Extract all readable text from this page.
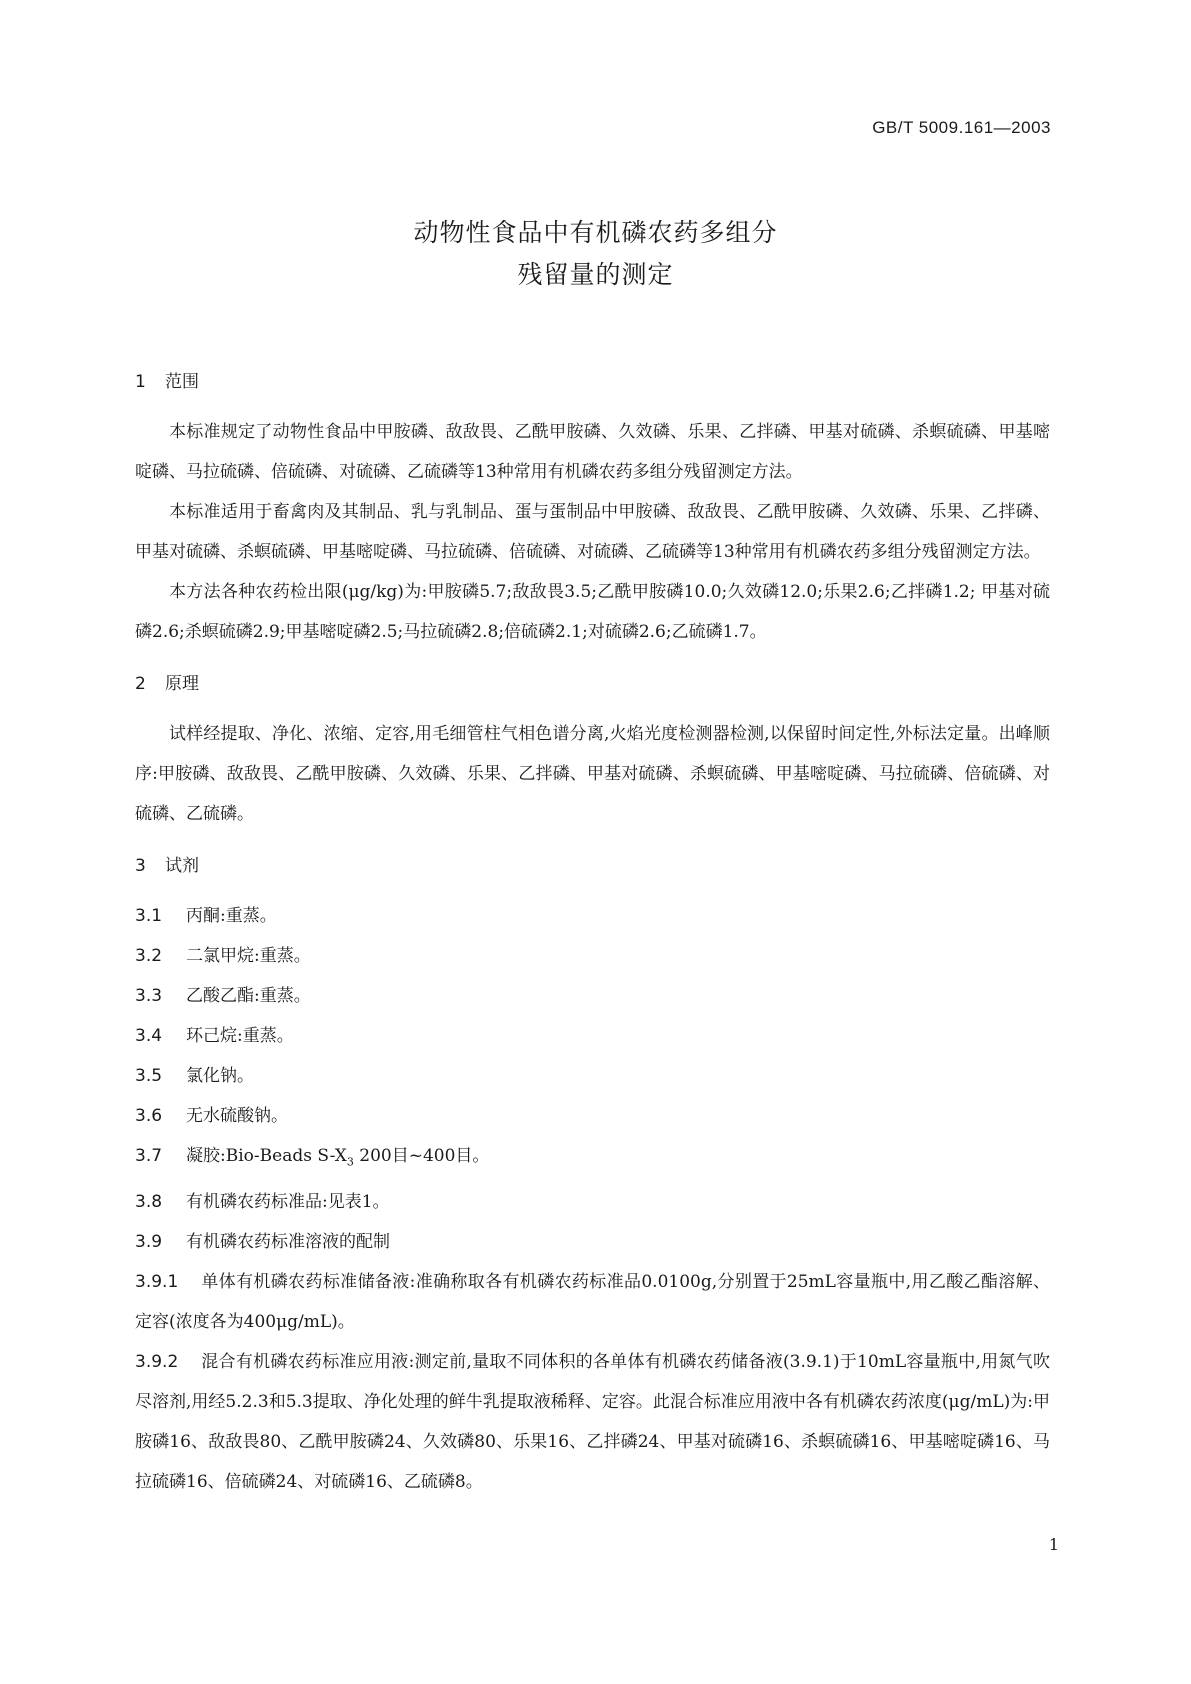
GB/T 5009.161—2003
动物性食品中有机磷农药多组分
残留量的测定

1 范围

本标准规定了动物性食品中甲胺磷、敌敌畏、乙酰甲胺磷、久效磷、乐果、乙拌磷、甲基对硫磷、杀螟硫磷、甲基嘧啶磷、马拉硫磷、倍硫磷、对硫磷、乙硫磷等13种常用有机磷农药多组分残留测定方法。

本标准适用于畜禽肉及其制品、乳与乳制品、蛋与蛋制品中甲胺磷、敌敌畏、乙酰甲胺磷、久效磷、乐果、乙拌磷、甲基对硫磷、杀螟硫磷、甲基嘧啶磷、马拉硫磷、倍硫磷、对硫磷、乙硫磷等13种常用有机磷农药多组分残留测定方法。

本方法各种农药检出限(μg/kg)为:甲胺磷5.7;敌敌畏3.5;乙酰甲胺磷10.0;久效磷12.0;乐果2.6;乙拌磷1.2; 甲基对硫磷2.6;杀螟硫磷2.9;甲基嘧啶磷2.5;马拉硫磷2.8;倍硫磷2.1;对硫磷2.6;乙硫磷1.7。

2 原理

试样经提取、净化、浓缩、定容,用毛细管柱气相色谱分离,火焰光度检测器检测,以保留时间定性,外标法定量。出峰顺序:甲胺磷、敌敌畏、乙酰甲胺磷、久效磷、乐果、乙拌磷、甲基对硫磷、杀螟硫磷、甲基嘧啶磷、马拉硫磷、倍硫磷、对硫磷、乙硫磷。

3 试剂

3.1 丙酮:重蒸。

3.2 二氯甲烷:重蒸。

3.3 乙酸乙酯:重蒸。

3.4 环己烷:重蒸。

3.5 氯化钠。

3.6 无水硫酸钠。

3.7 凝胶:Bio-Beads $S-X_3$ 200目~400目。

3.8 有机磷农药标准品:见表1。

3.9 有机磷农药标准溶液的配制

3.9.1 单体有机磷农药标准储备液:准确称取各有机磷农药标准品0.0100g,分别置于25mL容量瓶中,用乙酸乙酯溶解、定容(浓度各为400μg/mL)。

3.9.2 混合有机磷农药标准应用液:测定前,量取不同体积的各单体有机磷农药储备液(3.9.1)于10mL容量瓶中,用氮气吹尽溶剂,用经5.2.3和5.3提取、净化处理的鲜牛乳提取液稀释、定容。此混合标准应用液中各有机磷农药浓度(μg/mL)为:甲胺磷16、敌敌畏80、乙酰甲胺磷24、久效磷80、乐果16、乙拌磷24、甲基对硫磷16、杀螟硫磷16、甲基嘧啶磷16、马拉硫磷16、倍硫磷24、对硫磷16、乙硫磷8。

1
